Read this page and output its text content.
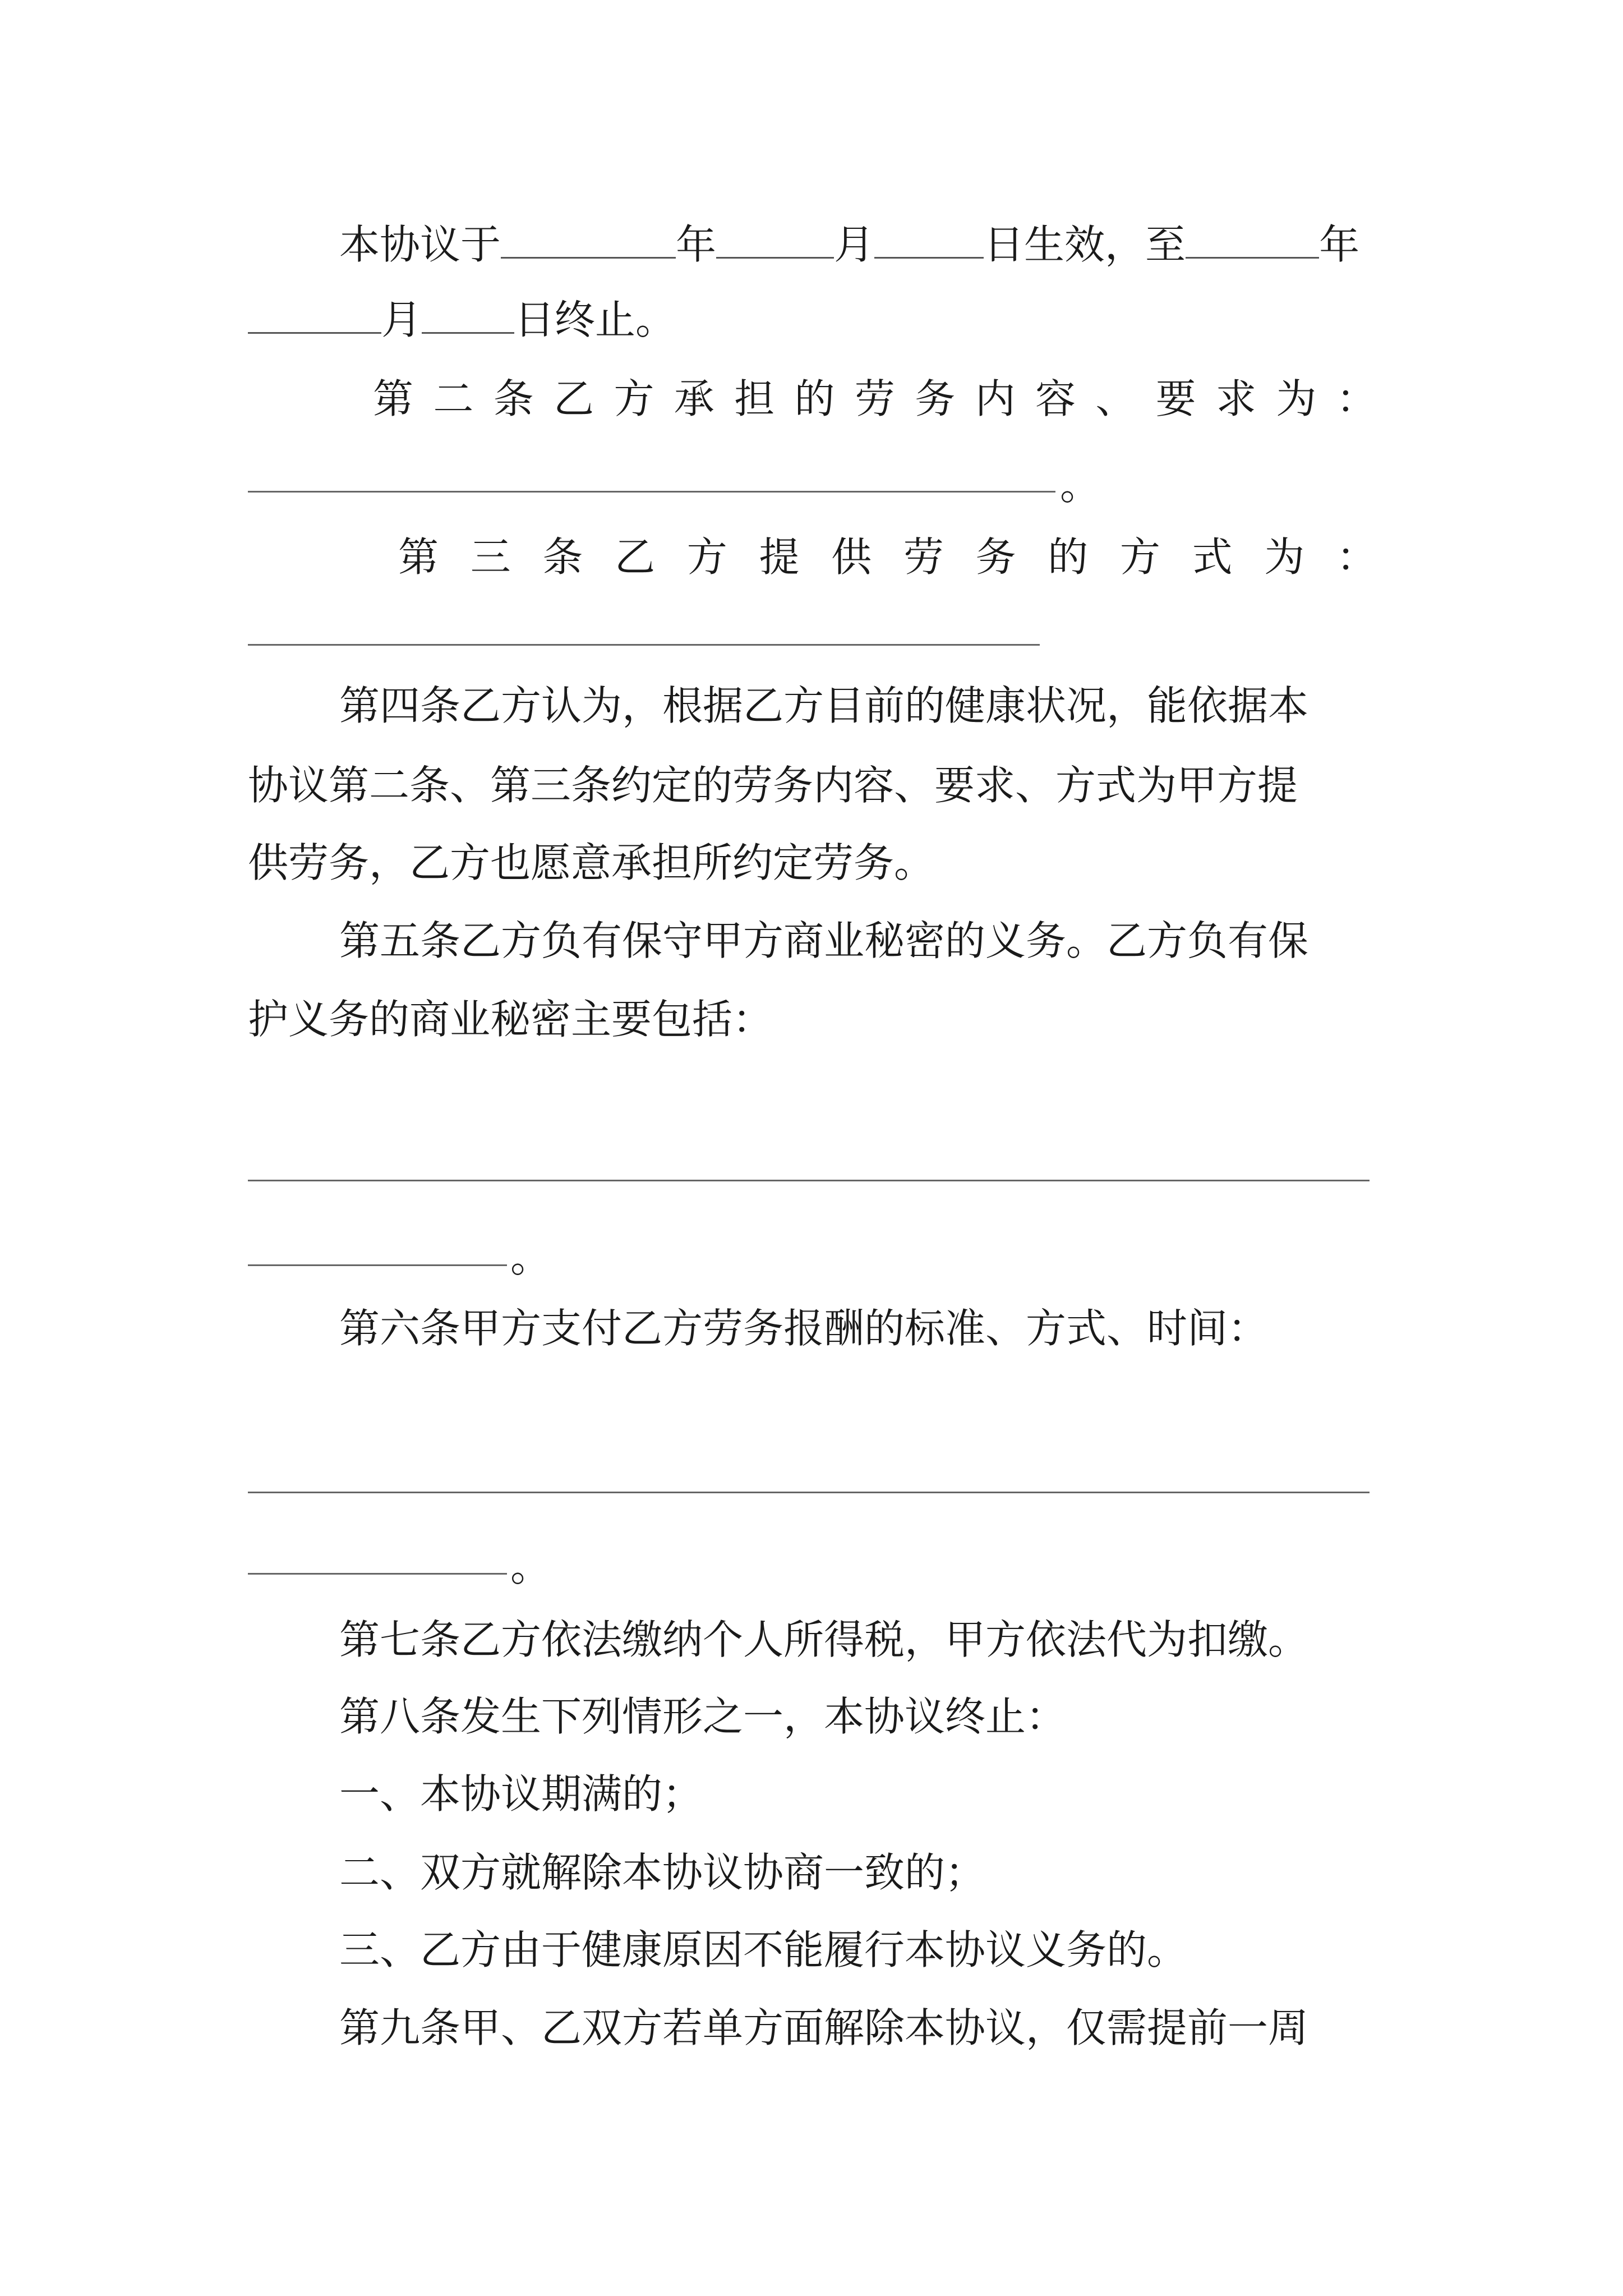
本协议于	年	月	日生效，至	年
月 日终止。
第 二 条 乙 方 承 担 的 劳 务 内 容 、 要 求 为 ：
。
第 三 条 乙 方 提 供 劳 务 的 方 式 为 ：
第四条乙方认为，根据乙方目前的健康状况，能依据本
协议第二条、第三条约定的劳务内容、要求、方式为甲方提
供劳务，乙方也愿意承担所约定劳务。
第五条乙方负有保守甲方商业秘密的义务。乙方负有保
护义务的商业秘密主要包括：
。
第六条甲方支付乙方劳务报酬的标准、方式、时间：
。
第七条乙方依法缴纳个人所得税，甲方依法代为扣缴。
第八条发生下列情形之一，本协议终止：
一、本协议期满的；
二、双方就解除本协议协商一致的；
三、乙方由于健康原因不能履行本协议义务的。
第九条甲、乙双方若单方面解除本协议，仅需提前一周
